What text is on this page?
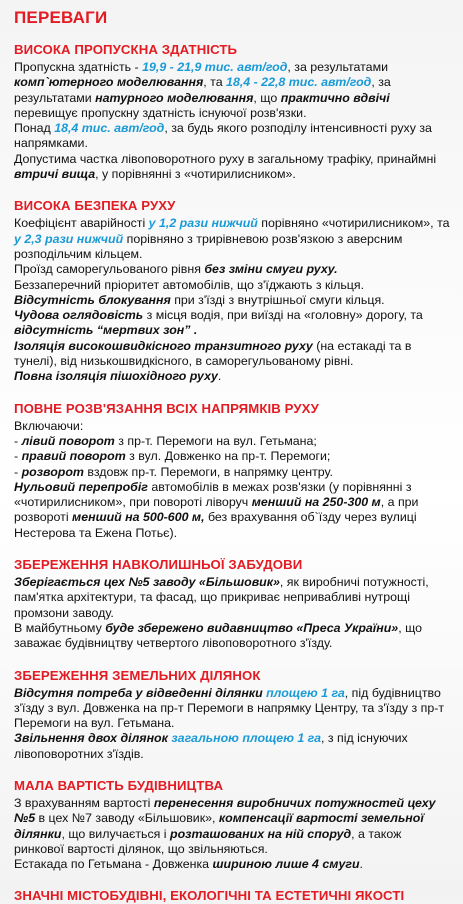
ПЕРЕВАГИ
ВИСОКА ПРОПУСКНА ЗДАТНІСТЬ

Пропускна здатність - 19,9 - 21,9 тис. авт/год, за результатами комп`ютерного моделювання, та 18,4 - 22,8 тис. авт/год, за результатами натурного моделювання, що практично вдвічі перевищує пропускну здатність існуючої розв'язки.

Понад 18,4 тис. авт/год, за будь якого розподілу інтенсивності руху за напрямками.

Допустима частка лівоповоротного руху в загальному трафіку, принаймні втричі вища, у порівнянні з «чотирилисником».

ВИСОКА БЕЗПЕКА РУХУ

Коефіцієнт аварійності у 1,2 рази нижчий порівняно «чотирилисником», та у 2,3 рази нижчий порівняно з трирівневою розв'язкою з аверсним розподільчим кільцем.

Проїзд саморегульованого рівня без зміни смуги руху.

Беззаперечний пріоритет автомобілів, що з'їджають з кільця.

Відсутність блокування при з'їзді з внутрішньої смуги кільця.

Чудова оглядовість з місця водія, при виїзді на «головну» дорогу, та відсутність “мертвих зон” .

Ізоляція високошвидкісного транзитного руху (на естакаді та в тунелі), від низькошвидкісного, в саморегульованому рівні.

Повна ізоляція пішохідного руху.

ПОВНЕ РОЗВ'ЯЗАННЯ ВСІХ НАПРЯМКІВ РУХУ

Включаючи:

- лівий поворот з пр-т. Перемоги на вул. Гетьмана;

- правий поворот з вул. Довженко на пр-т. Перемоги;

- розворот вздовж пр-т. Перемоги, в напрямку центру.

Нульовий перепробіг автомобілів в межах розв'язки (у порівнянні з «чотирилисником», при повороті ліворуч менший на 250-300 м, а при розвороті менший на 500-600 м, без врахування об`їзду через вулиці Нестерова та Ежена Потьє).

ЗБЕРЕЖЕННЯ НАВКОЛИШНЬОЇ ЗАБУДОВИ

Зберігається цех №5 заводу «Більшовик», як виробничі потужності, пам'ятка архітектури, та фасад, що прикриває непривабливі нутрощі промзони заводу.

В майбутньому буде збережено видавництво «Преса України», що заважає будівництву четвертого лівоповоротного з'їзду.

ЗБЕРЕЖЕННЯ ЗЕМЕЛЬНИХ ДІЛЯНОК

Відсутня потреба у відведенні ділянки площею 1 га, під будівництво з'їзду з вул. Довженка на пр-т Перемоги в напрямку Центру, та з'їзду з пр-т Перемоги на вул. Гетьмана.

Звільнення двох ділянок загальною площею 1 га, з під існуючих лівоповоротних з'їздів.

МАЛА ВАРТІСТЬ БУДІВНИЦТВА

З врахуванням вартості перенесення виробничих потужностей цеху №5 в цех №7 заводу «Більшовик», компенсації вартості земельної ділянки, що вилучається і розташованих на ній споруд, а також ринкової вартості ділянок, що звільняються.

Естакада по Гетьмана - Довженка шириною лише 4 смуги.

ЗНАЧНІ МІСТОБУДІВНІ, ЕКОЛОГІЧНІ ТА ЕСТЕТИЧНІ ЯКОСТІ
